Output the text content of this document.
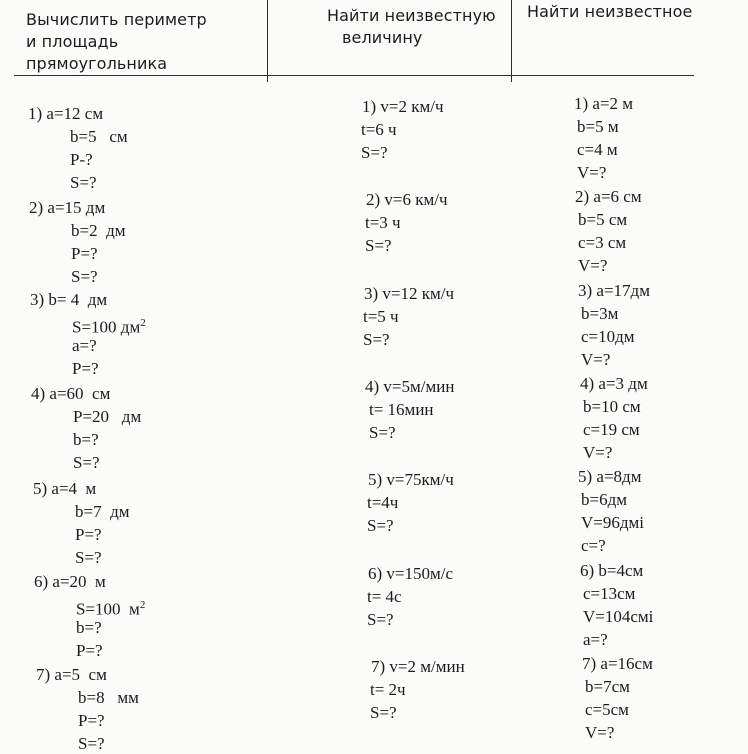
Вычислить периметр
и площадь
прямоугольника
Найти неизвестную
величину
Найти неизвестное
1) a=12 см
b=5   см
P-?
S=?
2) a=15 дм
b=2  дм
P=?
S=?
3) b= 4  дм
S=100 $дм^2$
a=?
P=?
4) a=60  см
P=20   дм
b=?
S=?
5) a=4  м
b=7  дм
P=?
S=?
6) a=20  м
S=100  $м^2$
b=?
P=?
7) a=5  см
b=8   мм
P=?
S=?
1) v=2 км/ч
t=6 ч
S=?
2) v=6 км/ч
t=3 ч
S=?
3) v=12 км/ч
t=5 ч
S=?
4) v=5м/мин
t= 16мин
S=?
5) v=75км/ч
t=4ч
S=?
6) v=150м/с
t= 4с
S=?
7) v=2 м/мин
t= 2ч
S=?
1) a=2 м
b=5 м
c=4 м
V=?
2) a=6 см
b=5 см
c=3 см
V=?
3) a=17дм
b=3м
c=10дм
V=?
4) a=3 дм
b=10 см
c=19 см
V=?
5) a=8дм
b=6дм
V=96дмі
c=?
6) b=4см
c=13см
V=104смі
a=?
7) a=16см
b=7см
c=5см
V=?
